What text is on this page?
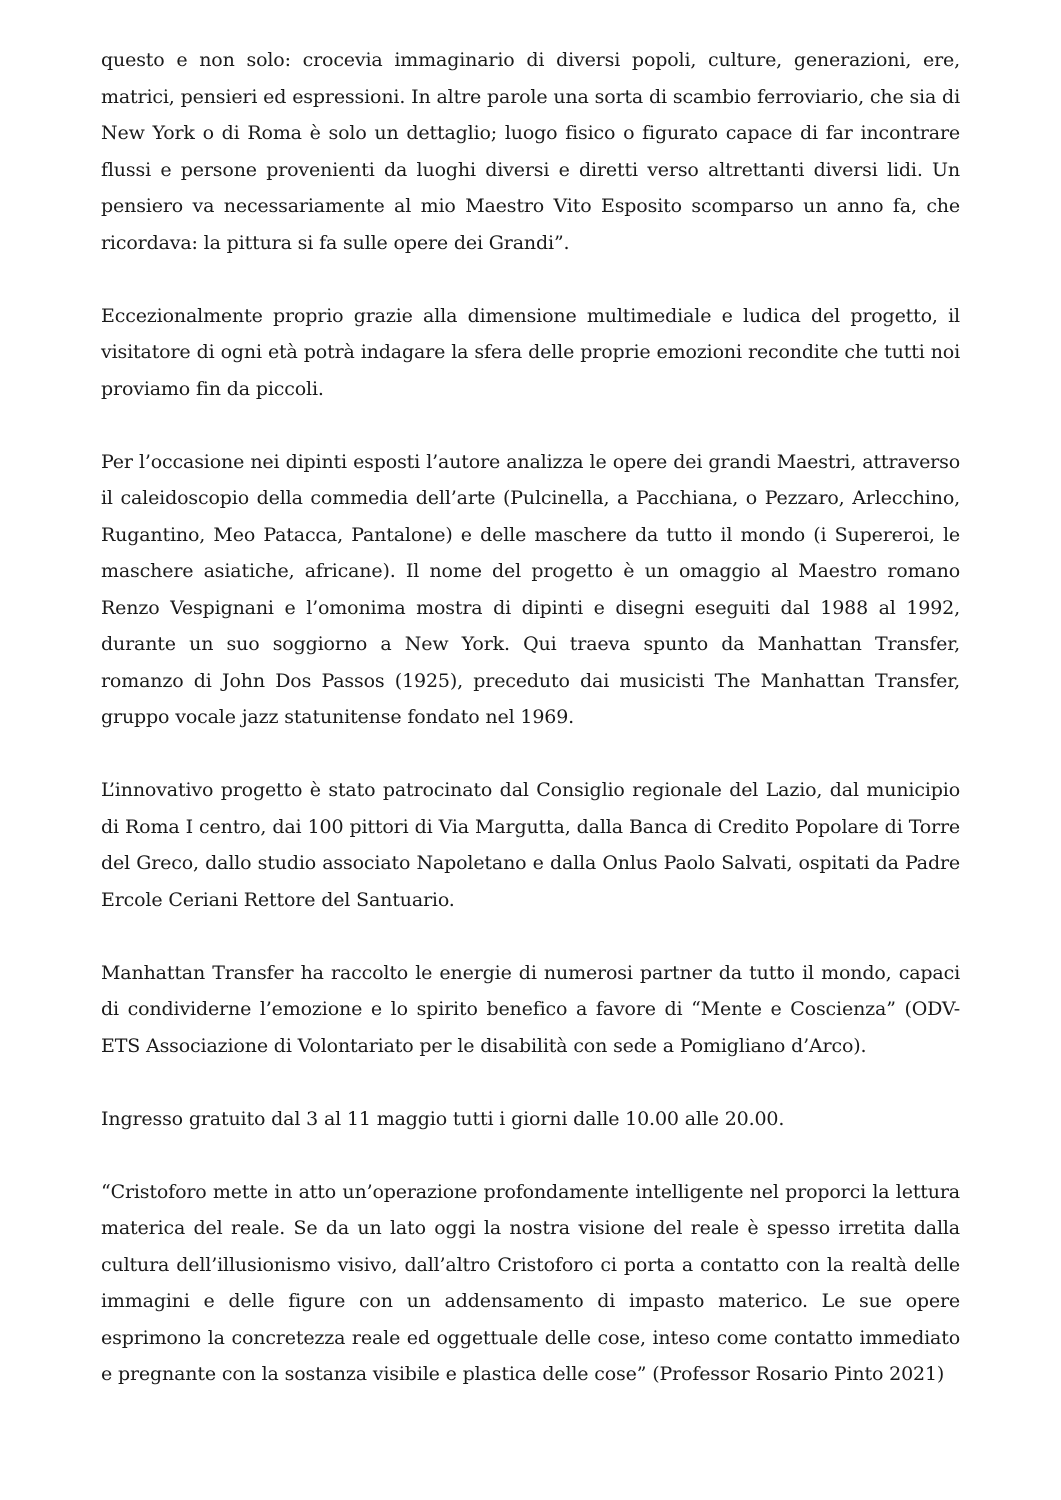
questo e non solo: crocevia immaginario di diversi popoli, culture, generazioni, ere, matrici, pensieri ed espressioni. In altre parole una sorta di scambio ferroviario, che sia di New York o di Roma è solo un dettaglio; luogo fisico o figurato capace di far incontrare flussi e persone provenienti da luoghi diversi e diretti verso altrettanti diversi lidi. Un pensiero va necessariamente al mio Maestro Vito Esposito scomparso un anno fa, che ricordava: la pittura si fa sulle opere dei Grandi”.

Eccezionalmente proprio grazie alla dimensione multimediale e ludica del progetto, il visitatore di ogni età potrà indagare la sfera delle proprie emozioni recondite che tutti noi proviamo fin da piccoli.

Per l’occasione nei dipinti esposti l’autore analizza le opere dei grandi Maestri, attraverso il caleidoscopio della commedia dell’arte (Pulcinella, a Pacchiana, o Pezzaro, Arlecchino, Rugantino, Meo Patacca, Pantalone) e delle maschere da tutto il mondo (i Supereroi, le maschere asiatiche, africane). Il nome del progetto è un omaggio al Maestro romano Renzo Vespignani e l’omonima mostra di dipinti e disegni eseguiti dal 1988 al 1992, durante un suo soggiorno a New York. Qui traeva spunto da Manhattan Transfer, romanzo di John Dos Passos (1925), preceduto dai musicisti The Manhattan Transfer, gruppo vocale jazz statunitense fondato nel 1969.

L’innovativo progetto è stato patrocinato dal Consiglio regionale del Lazio, dal municipio di Roma I centro, dai 100 pittori di Via Margutta, dalla Banca di Credito Popolare di Torre del Greco, dallo studio associato Napoletano e dalla Onlus Paolo Salvati, ospitati da Padre Ercole Ceriani Rettore del Santuario.

Manhattan Transfer ha raccolto le energie di numerosi partner da tutto il mondo, capaci di condividerne l’emozione e lo spirito benefico a favore di “Mente e Coscienza” (ODV-ETS Associazione di Volontariato per le disabilità con sede a Pomigliano d’Arco).

Ingresso gratuito dal 3 al 11 maggio tutti i giorni dalle 10.00 alle 20.00.

“Cristoforo mette in atto un’operazione profondamente intelligente nel proporci la lettura materica del reale. Se da un lato oggi la nostra visione del reale è spesso irretita dalla cultura dell’illusionismo visivo, dall’altro Cristoforo ci porta a contatto con la realtà delle immagini e delle figure con un addensamento di impasto materico. Le sue opere esprimono la concretezza reale ed oggettuale delle cose, inteso come contatto immediato e pregnante con la sostanza visibile e plastica delle cose” (Professor Rosario Pinto 2021)
